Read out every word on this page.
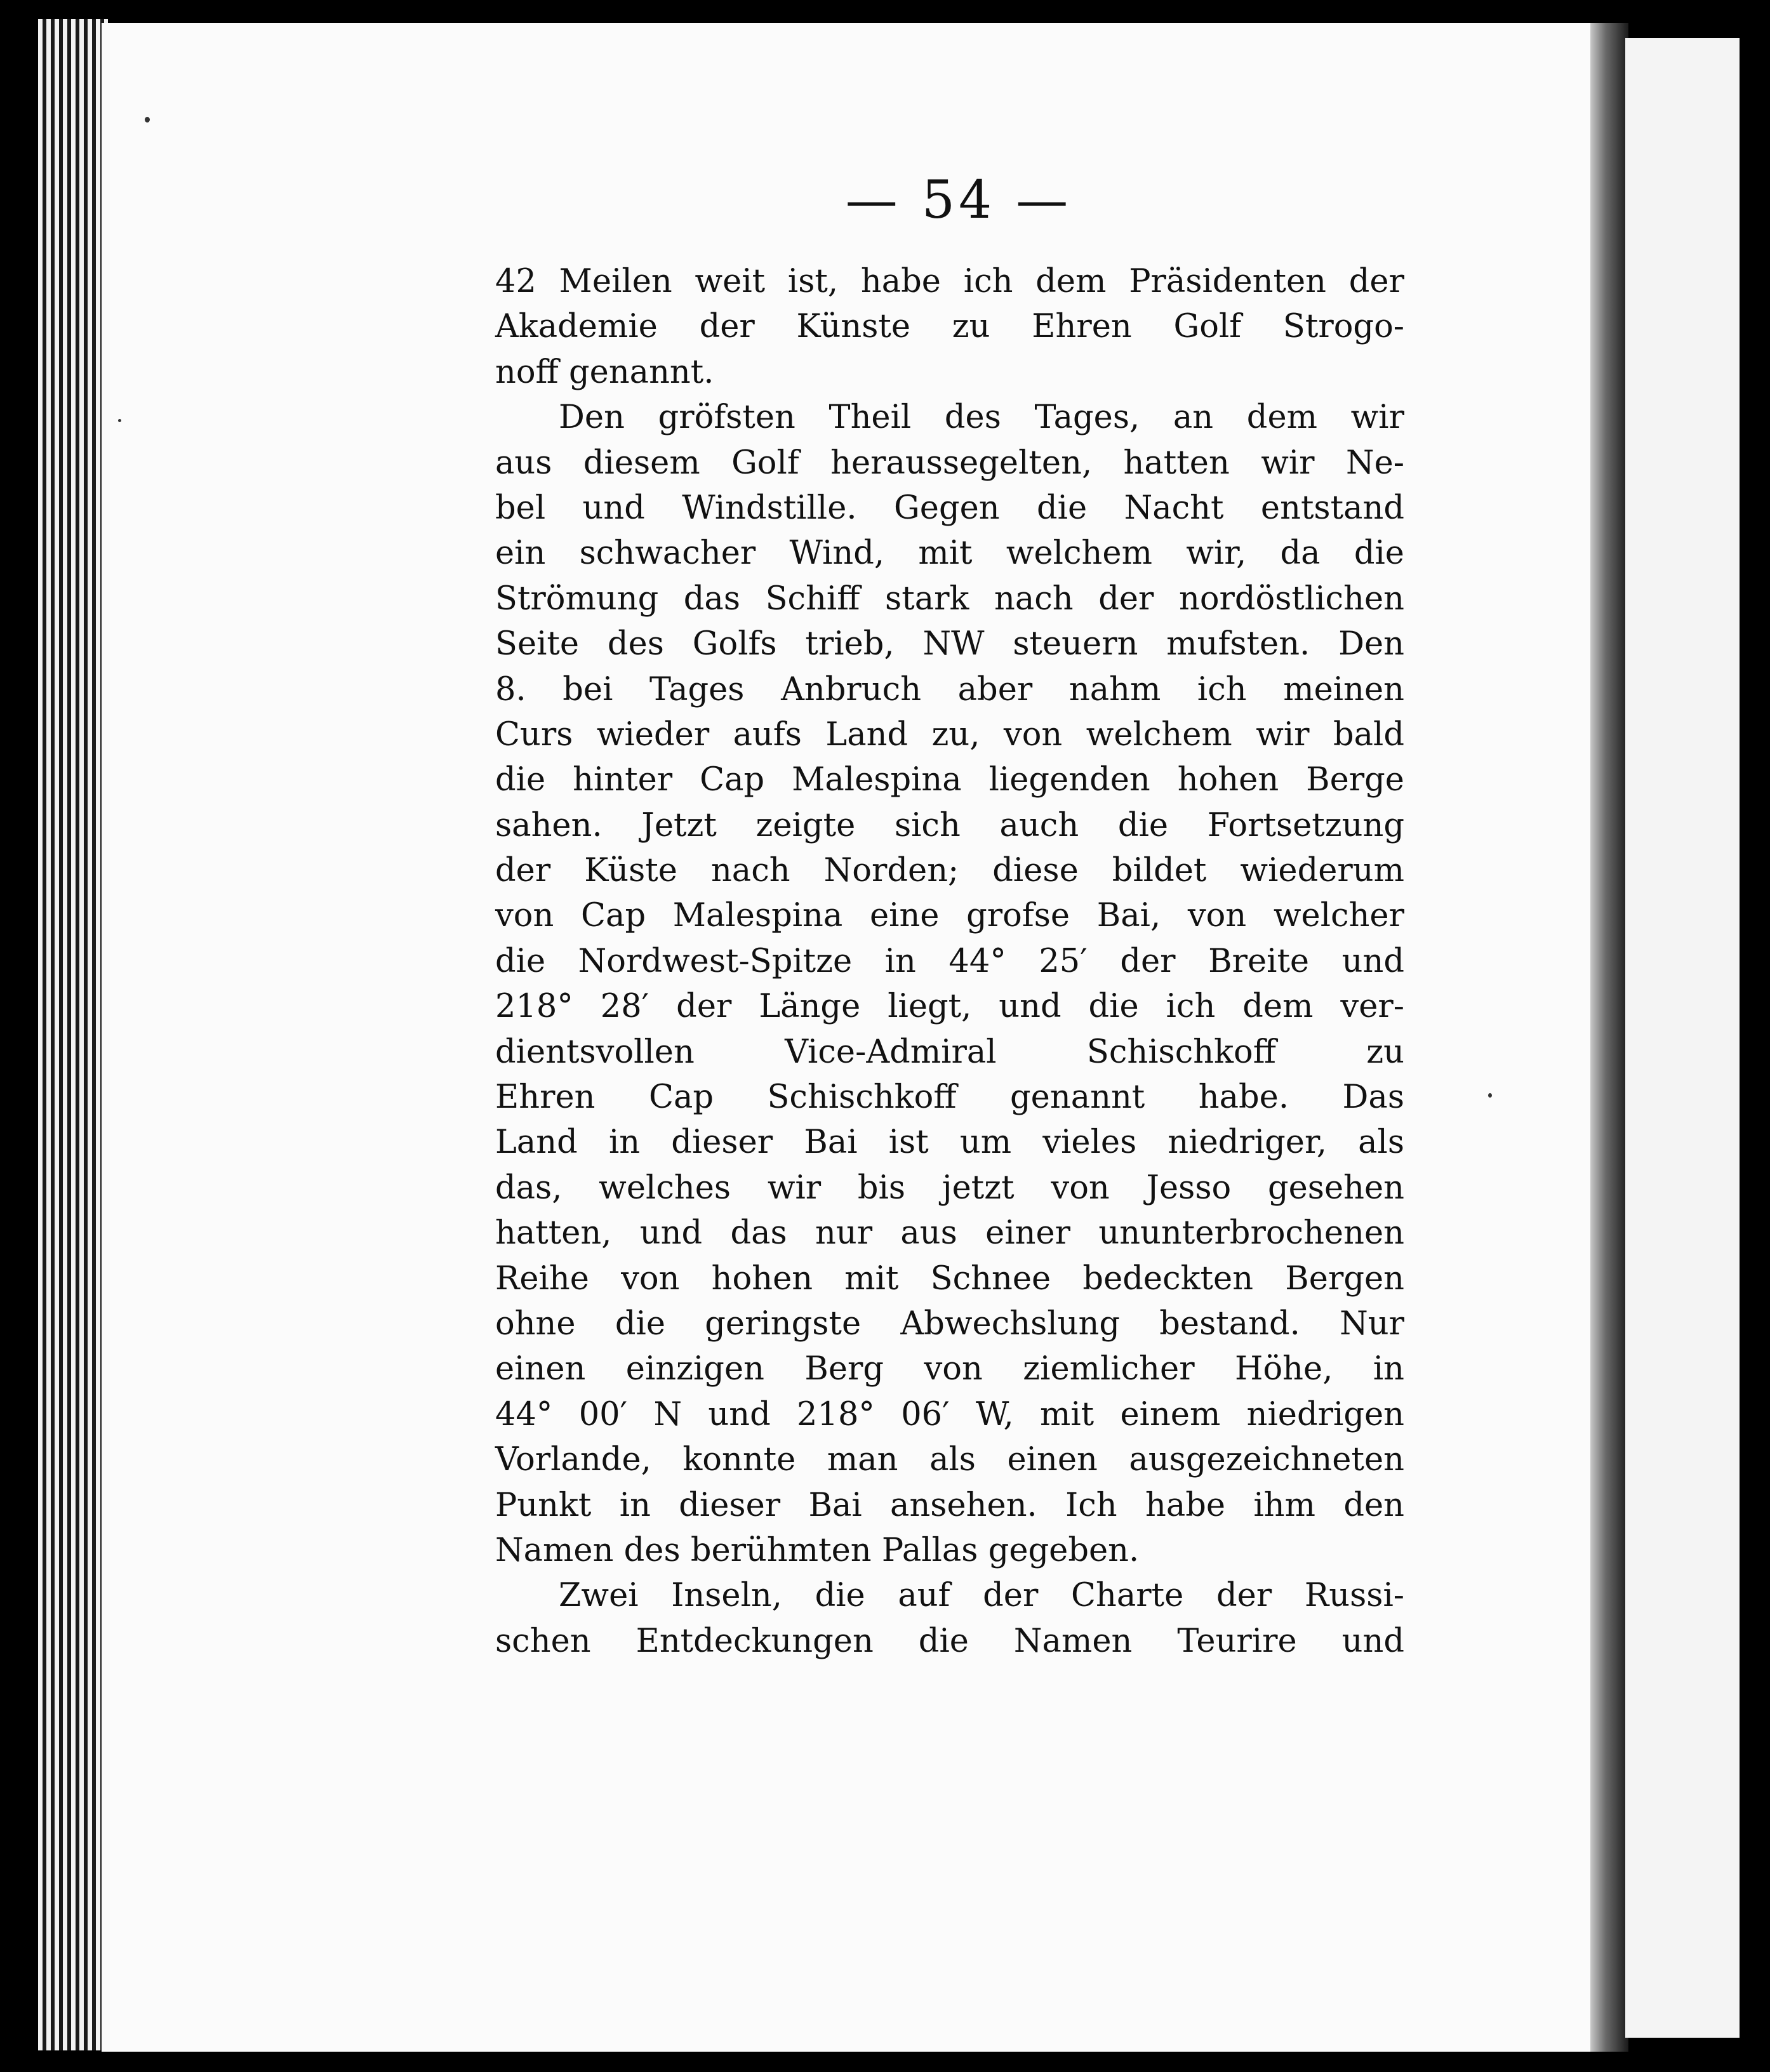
— 54 —
42 Meilen weit ist, habe ich dem Präsidenten der
Akademie der Künste zu Ehren Golf Strogo-
noff genannt.
Den gröfsten Theil des Tages, an dem wir
aus diesem Golf heraussegelten, hatten wir Ne-
bel und Windstille. Gegen die Nacht entstand
ein schwacher Wind, mit welchem wir, da die
Strömung das Schiff stark nach der nordöstlichen
Seite des Golfs trieb, NW steuern mufsten. Den
8. bei Tages Anbruch aber nahm ich meinen
Curs wieder aufs Land zu, von welchem wir bald
die hinter Cap Malespina liegenden hohen Berge
sahen. Jetzt zeigte sich auch die Fortsetzung
der Küste nach Norden; diese bildet wiederum
von Cap Malespina eine grofse Bai, von welcher
die Nordwest-Spitze in 44° 25′ der Breite und
218° 28′ der Länge liegt, und die ich dem ver-
dientsvollen Vice-Admiral Schischkoff zu
Ehren Cap Schischkoff genannt habe. Das
Land in dieser Bai ist um vieles niedriger, als
das, welches wir bis jetzt von Jesso gesehen
hatten, und das nur aus einer ununterbrochenen
Reihe von hohen mit Schnee bedeckten Bergen
ohne die geringste Abwechslung bestand. Nur
einen einzigen Berg von ziemlicher Höhe, in
44° 00′ N und 218° 06′ W, mit einem niedrigen
Vorlande, konnte man als einen ausgezeichneten
Punkt in dieser Bai ansehen. Ich habe ihm den
Namen des berühmten Pallas gegeben.
Zwei Inseln, die auf der Charte der Russi-
schen Entdeckungen die Namen Teurire und
